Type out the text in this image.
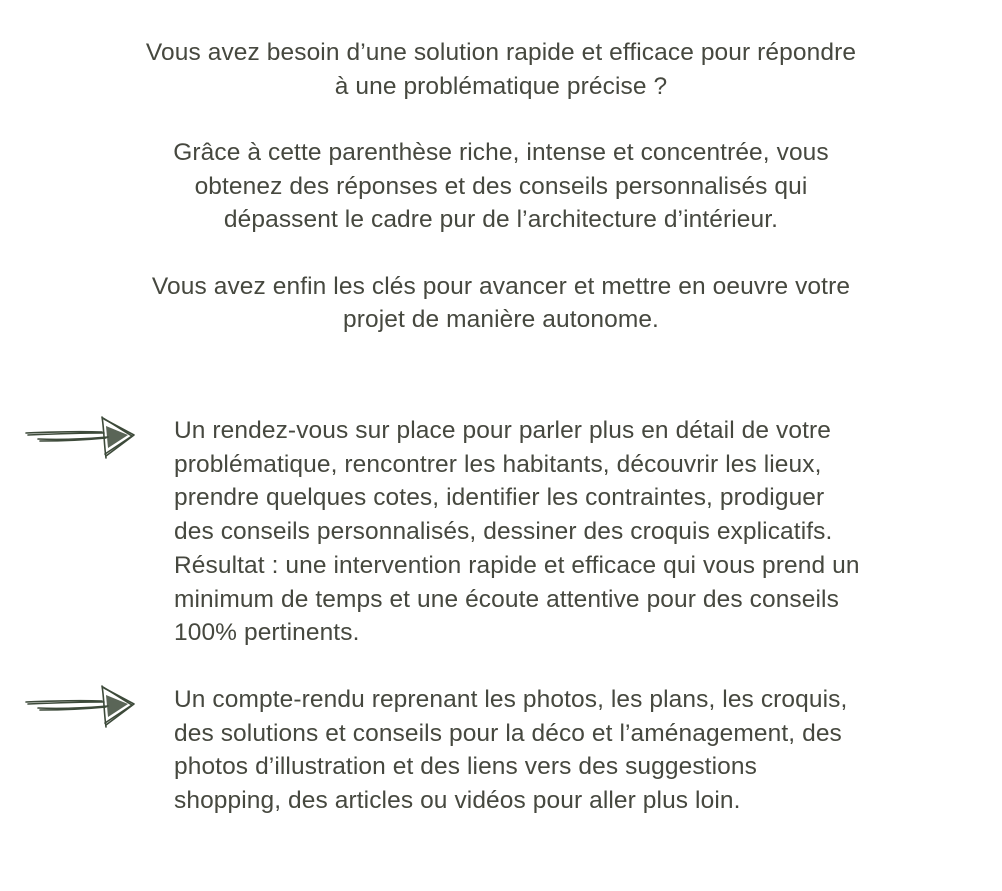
Vous avez besoin d’une solution rapide et efficace pour répondre
à une problématique précise ?

Grâce à cette parenthèse riche, intense et concentrée, vous
obtenez des réponses et des conseils personnalisés qui
dépassent le cadre pur de l’architecture d’intérieur.

Vous avez enfin les clés pour avancer et mettre en oeuvre votre
projet de manière autonome.

Un rendez-vous sur place pour parler plus en détail de votre
problématique, rencontrer les habitants, découvrir les lieux,
prendre quelques cotes, identifier les contraintes, prodiguer
des conseils personnalisés, dessiner des croquis explicatifs.
Résultat : une intervention rapide et efficace qui vous prend un
minimum de temps et une écoute attentive pour des conseils
100% pertinents.
Un compte-rendu reprenant les photos, les plans, les croquis,
des solutions et conseils pour la déco et l’aménagement, des
photos d’illustration et des liens vers des suggestions
shopping, des articles ou vidéos pour aller plus loin.
